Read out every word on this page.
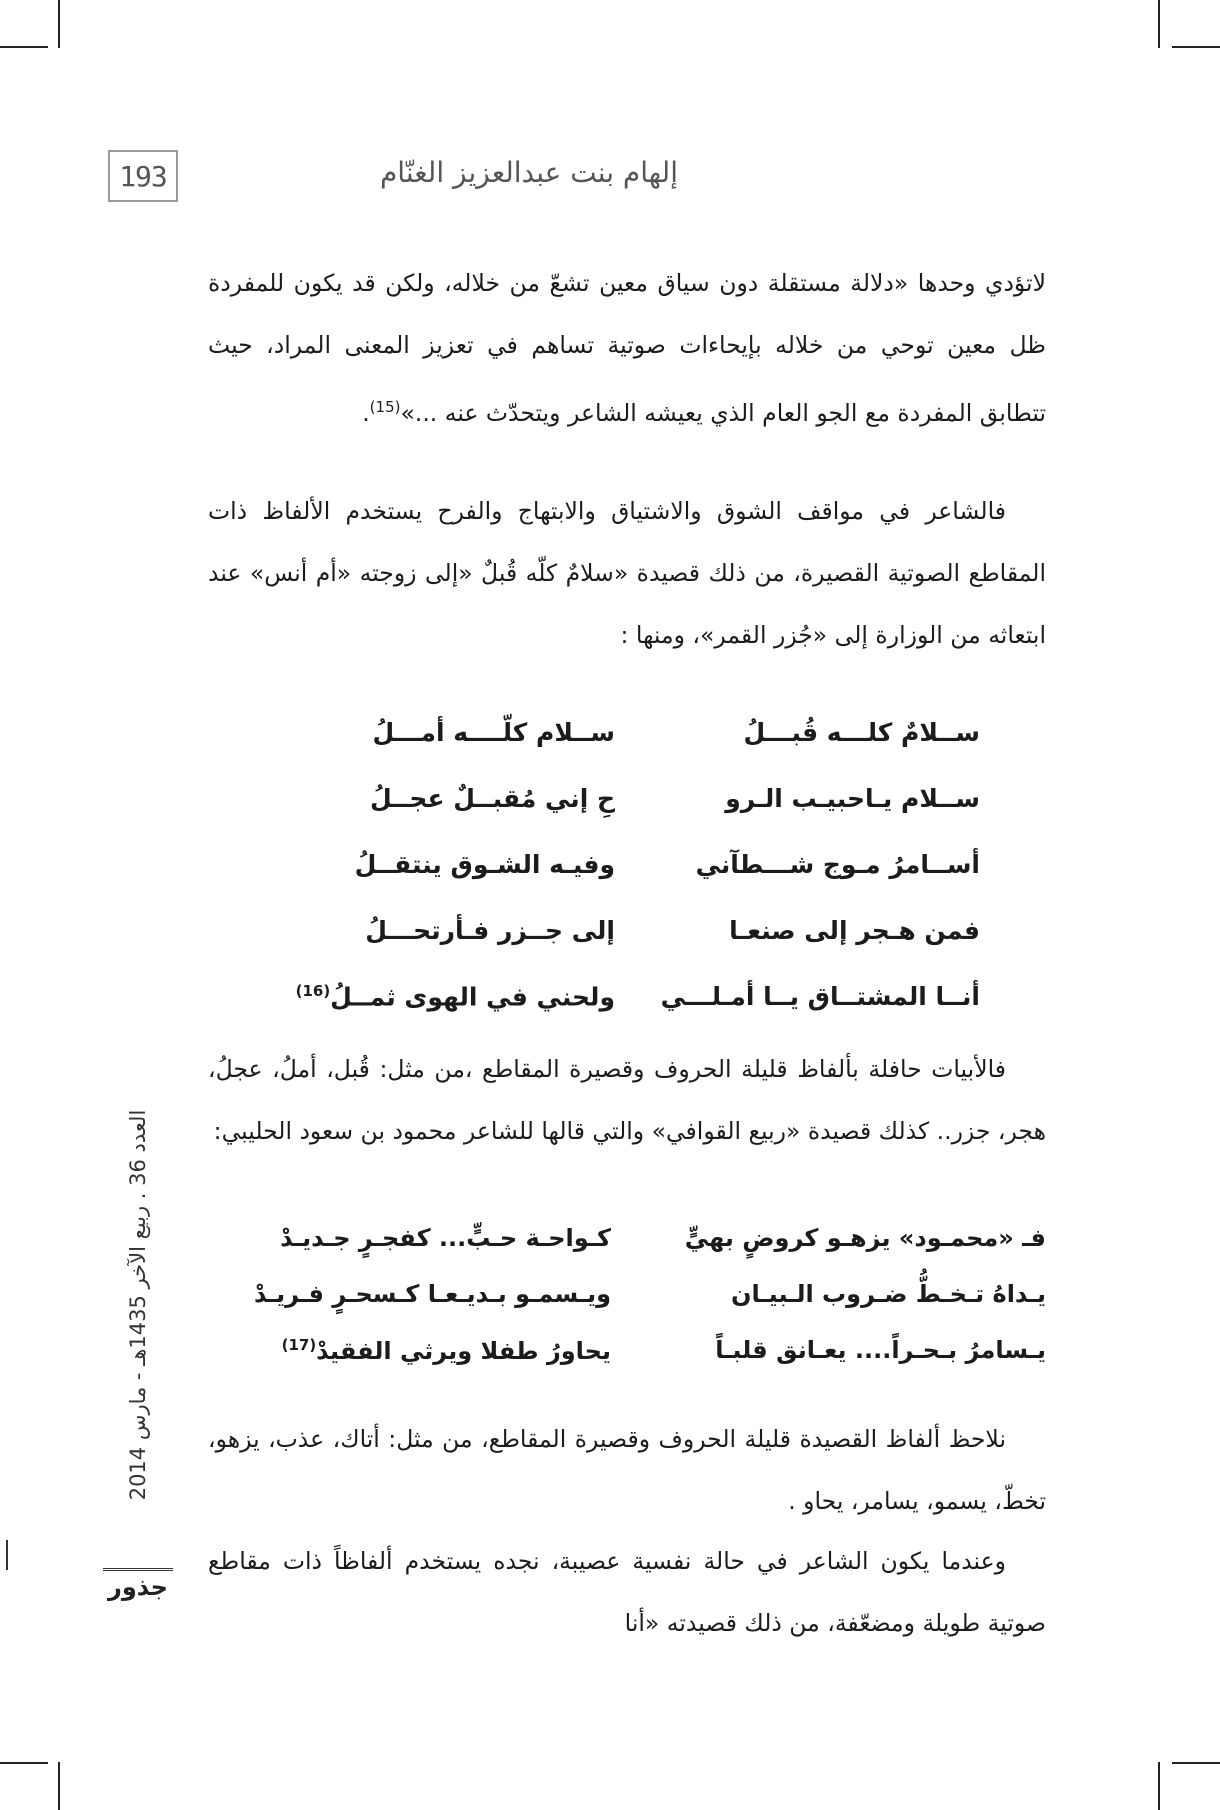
193	إلهام بنت عبدالعزيز الغنّام

لاتؤدي وحدها «دلالة مستقلة دون سياق معين تشعّ من خلاله، ولكن قد يكون للمفردة ظل معين توحي من خلاله بإيحاءات صوتية تساهم في تعزيز المعنى المراد، حيث تتطابق المفردة مع الجو العام الذي يعيشه الشاعر ويتحدّث عنه ...»$^{(15)}$.

فالشاعر في مواقف الشوق والاشتياق والابتهاج والفرح يستخدم الألفاظ ذات المقاطع الصوتية القصيرة، من ذلك قصيدة «سلامٌ كلّه قُبلٌ «إلى زوجته «أم أنس» عند ابتعاثه من الوزارة إلى «جُزر القمر»، ومنها :

ســلامٌ كلـــه قُبـــلُ
ســلام كلّــــه أمـــلُ
ســلام يـاحبيـب الـرو
حِ إني مُقبــلٌ عجــلُ
أســامرُ مـوج شـــطآني
وفيـه الشـوق ينتقــلُ
فمن هـجر إلى صنعـا
إلى جــزر فـأرتحـــلُ
أنــا المشتــاق يــا أمـلـــي
ولحني في الهوى ثمــلُ$^{(16)}$

فالأبيات حافلة بألفاظ قليلة الحروف وقصيرة المقاطع ،من مثل: قُبل، أملُ، عجلُ، هجر، جزر.. كذلك قصيدة «ربيع القوافي» والتي قالها للشاعر محمود بن سعود الحليبي:

فـ «محمـود» يزهـو كروضٍ بهيٍّ
كـواحـة حـبٍّ... كفجـرٍ جـديـدْ
يـداهُ تـخـطُّ ضـروب الـبيـان
ويـسمـو بـديـعـا كـسحـرٍ فـريـدْ
يـسامرُ بـحـراً.... يعـانق قلبـاً
يحاورُ طفلا ويرثي الفقيدْ$^{(17)}$

نلاحظ ألفاظ القصيدة قليلة الحروف وقصيرة المقاطع، من مثل: أتاك، عذب، يزهو، تخطّ، يسمو، يسامر، يحاو .

وعندما يكون الشاعر في حالة نفسية عصيبة، نجده يستخدم ألفاظاً ذات مقاطع صوتية طويلة ومضعّفة، من ذلك قصيدته «أنا

العدد 36 . ربيع الآخر 1435هـ - مارس 2014
جذور
